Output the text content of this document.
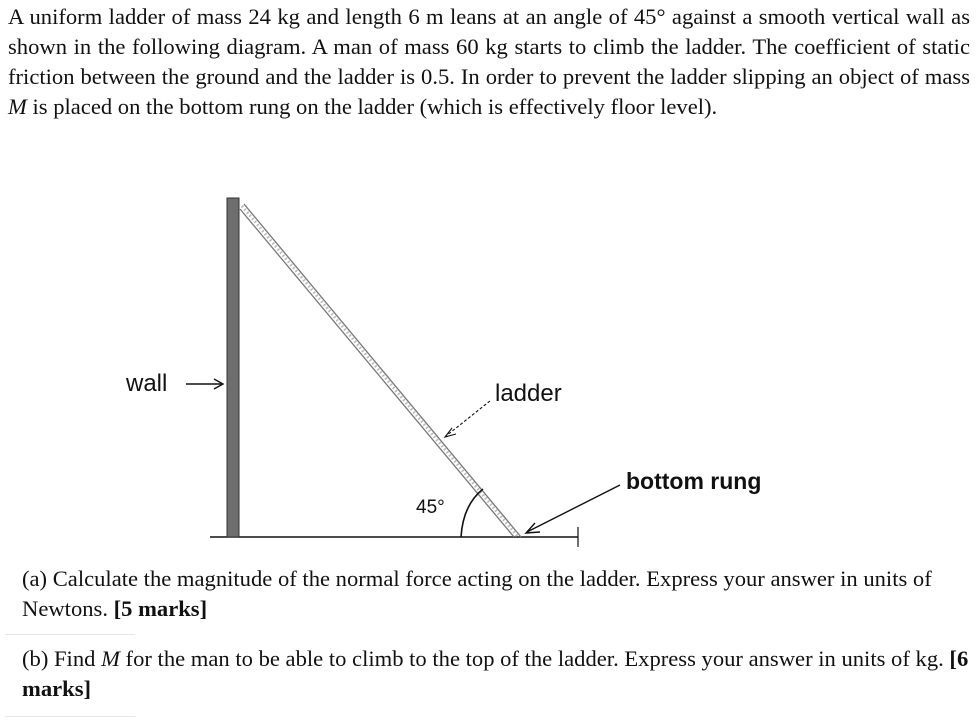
A uniform ladder of mass 24 kg and length 6 m leans at an angle of 45° against a smooth vertical wall as shown in the following diagram. A man of mass 60 kg starts to climb the ladder. The coefficient of static friction between the ground and the ladder is 0.5. In order to prevent the ladder slipping an object of mass M is placed on the bottom rung on the ladder (which is effectively floor level).
45°
wall	ladder
bottom rung
(a) Calculate the magnitude of the normal force acting on the ladder. Express your answer in units of Newtons. [5 marks]
(b) Find M for the man to be able to climb to the top of the ladder. Express your answer in units of kg. [6 marks]
